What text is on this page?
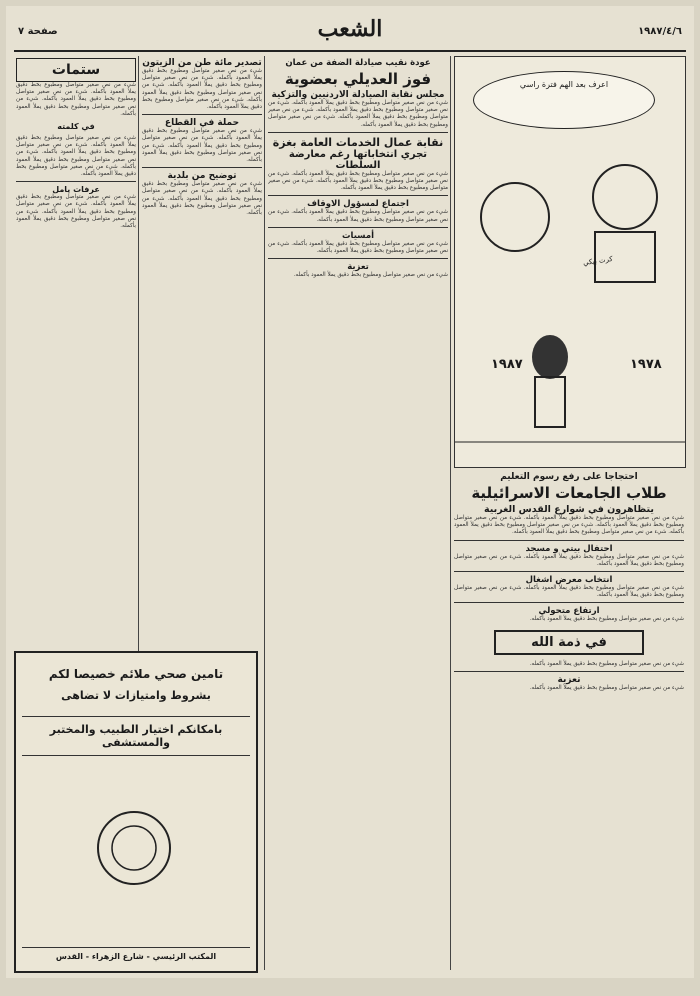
صفحة ٧	الشعب	١٩٨٧/٤/٦
ستمات
شيء من نص صغير متواصل ومطبوع بخط دقيق يملأ العمود بأكمله. شيء من نص صغير متواصل ومطبوع بخط دقيق يملأ العمود بأكمله. شيء من نص صغير متواصل ومطبوع بخط دقيق يملأ العمود بأكمله.
في كلمته
شيء من نص صغير متواصل ومطبوع بخط دقيق يملأ العمود بأكمله. شيء من نص صغير متواصل ومطبوع بخط دقيق يملأ العمود بأكمله. شيء من نص صغير متواصل ومطبوع بخط دقيق يملأ العمود بأكمله. شيء من نص صغير متواصل ومطبوع بخط دقيق يملأ العمود بأكمله.
عرفات يامل
شيء من نص صغير متواصل ومطبوع بخط دقيق يملأ العمود بأكمله. شيء من نص صغير متواصل ومطبوع بخط دقيق يملأ العمود بأكمله. شيء من نص صغير متواصل ومطبوع بخط دقيق يملأ العمود بأكمله.
تصدير مائة طن من الزيتون
شيء من نص صغير متواصل ومطبوع بخط دقيق يملأ العمود بأكمله. شيء من نص صغير متواصل ومطبوع بخط دقيق يملأ العمود بأكمله. شيء من نص صغير متواصل ومطبوع بخط دقيق يملأ العمود بأكمله. شيء من نص صغير متواصل ومطبوع بخط دقيق يملأ العمود بأكمله.
حملة في القطاع
شيء من نص صغير متواصل ومطبوع بخط دقيق يملأ العمود بأكمله. شيء من نص صغير متواصل ومطبوع بخط دقيق يملأ العمود بأكمله. شيء من نص صغير متواصل ومطبوع بخط دقيق يملأ العمود بأكمله.
توضيح من بلدية
شيء من نص صغير متواصل ومطبوع بخط دقيق يملأ العمود بأكمله. شيء من نص صغير متواصل ومطبوع بخط دقيق يملأ العمود بأكمله. شيء من نص صغير متواصل ومطبوع بخط دقيق يملأ العمود بأكمله.
عودة نقيب صيادلة الضفة من عمان
فوز العديلي بعضوية
مجلس نقابة الصيادلة الاردنيين والتزكية
شيء من نص صغير متواصل ومطبوع بخط دقيق يملأ العمود بأكمله. شيء من نص صغير متواصل ومطبوع بخط دقيق يملأ العمود بأكمله. شيء من نص صغير متواصل ومطبوع بخط دقيق يملأ العمود بأكمله. شيء من نص صغير متواصل ومطبوع بخط دقيق يملأ العمود بأكمله.
نقابة عمال الخدمات العامة بغزة
تجري انتخاباتها رغم معارضة السلطات
شيء من نص صغير متواصل ومطبوع بخط دقيق يملأ العمود بأكمله. شيء من نص صغير متواصل ومطبوع بخط دقيق يملأ العمود بأكمله. شيء من نص صغير متواصل ومطبوع بخط دقيق يملأ العمود بأكمله.
اجتماع لمسؤول الاوقاف
شيء من نص صغير متواصل ومطبوع بخط دقيق يملأ العمود بأكمله. شيء من نص صغير متواصل ومطبوع بخط دقيق يملأ العمود بأكمله.
أمسيات
شيء من نص صغير متواصل ومطبوع بخط دقيق يملأ العمود بأكمله. شيء من نص صغير متواصل ومطبوع بخط دقيق يملأ العمود بأكمله.
تعزية
شيء من نص صغير متواصل ومطبوع بخط دقيق يملأ العمود بأكمله.
اعرف بعد الهم فترة راسي
كرت بيكي
١٩٨٧	١٩٧٨
احتجاجا على رفع رسوم التعليم
طلاب الجامعات الاسرائيلية
يتظاهرون في شوارع القدس الغربية
شيء من نص صغير متواصل ومطبوع بخط دقيق يملأ العمود بأكمله. شيء من نص صغير متواصل ومطبوع بخط دقيق يملأ العمود بأكمله. شيء من نص صغير متواصل ومطبوع بخط دقيق يملأ العمود بأكمله. شيء من نص صغير متواصل ومطبوع بخط دقيق يملأ العمود بأكمله.
احتفال بيتي و مسجد
شيء من نص صغير متواصل ومطبوع بخط دقيق يملأ العمود بأكمله. شيء من نص صغير متواصل ومطبوع بخط دقيق يملأ العمود بأكمله.
انتخاب معرض اشغال
شيء من نص صغير متواصل ومطبوع بخط دقيق يملأ العمود بأكمله. شيء من نص صغير متواصل ومطبوع بخط دقيق يملأ العمود بأكمله.
ارتفاع متحولي
شيء من نص صغير متواصل ومطبوع بخط دقيق يملأ العمود بأكمله.
في ذمة الله
شيء من نص صغير متواصل ومطبوع بخط دقيق يملأ العمود بأكمله.
تعزية
شيء من نص صغير متواصل ومطبوع بخط دقيق يملأ العمود بأكمله.
تامين صحي ملائم خصيصا لكم
بشروط وامتيازات لا تضاهى
بامكانكم اختيار الطبيب والمختبر والمستشفى
المكتب الرئيسي - شارع الزهراء - القدس
